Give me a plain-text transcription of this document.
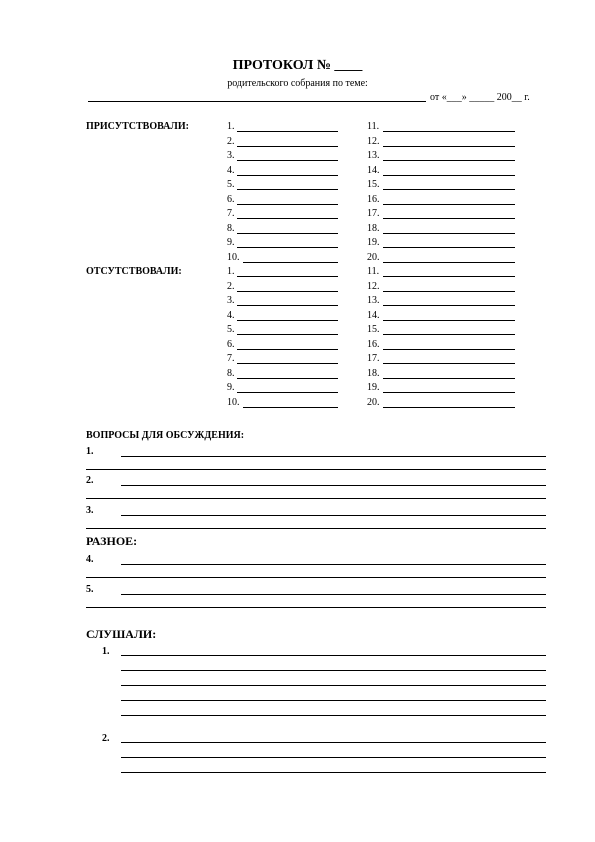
ПРОТОКОЛ № ____
родительского собрания по теме:
от «___» _____ 200__ г.
ПРИСУТСТВОВАЛИ:
ОТСУТСТВОВАЛИ:
ВОПРОСЫ ДЛЯ ОБСУЖДЕНИЯ:
РАЗНОЕ:
СЛУШАЛИ:
1.	11.
2.	12.
3.	13.
4.	14.
5.	15.
6.	16.
7.	17.
8.	18.
9.	19.
10.	20.
1.	11.
2.	12.
3.	13.
4.	14.
5.	15.
6.	16.
7.	17.
8.	18.
9.	19.
10.	20.
1.
2.
3.
4.
5.
1.
2.
